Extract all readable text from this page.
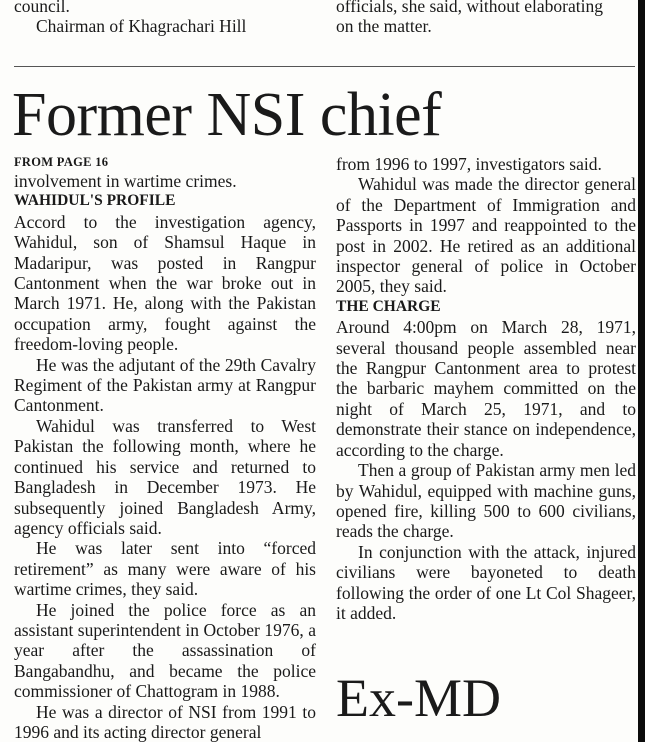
council.

Chairman of Khagrachari Hill

officials, she said, without elaborating

on the matter.

Former NSI chief
FROM PAGE 16

involvement in wartime crimes.

WAHIDUL'S PROFILE

Accord to the investigation agency, Wahidul, son of Shamsul Haque in Madaripur, was posted in Rangpur Cantonment when the war broke out in March 1971. He, along with the Pakistan occupation army, fought against the freedom-loving people.

He was the adjutant of the 29th Cavalry Regiment of the Pakistan army at Rangpur Cantonment.

Wahidul was transferred to West Pakistan the following month, where he continued his service and returned to Bangladesh in December 1973. He subsequently joined Bangladesh Army, agency officials said.

He was later sent into “forced retirement” as many were aware of his wartime crimes, they said.

He joined the police force as an assistant superintendent in October 1976, a year after the assassination of Bangabandhu, and became the police commissioner of Chattogram in 1988.

He was a director of NSI from 1991 to 1996 and its acting director general

from 1996 to 1997, investigators said.

Wahidul was made the director general of the Department of Immigration and Passports in 1997 and reappointed to the post in 2002. He retired as an additional inspector general of police in October 2005, they said.

THE CHARGE

Around 4:00pm on March 28, 1971, several thousand people assembled near the Rangpur Cantonment area to protest the barbaric mayhem committed on the night of March 25, 1971, and to demonstrate their stance on independence, according to the charge.

Then a group of Pakistan army men led by Wahidul, equipped with machine guns, opened fire, killing 500 to 600 civilians, reads the charge.

In conjunction with the attack, injured civilians were bayoneted to death following the order of one Lt Col Shageer, it added.

Ex-MD
